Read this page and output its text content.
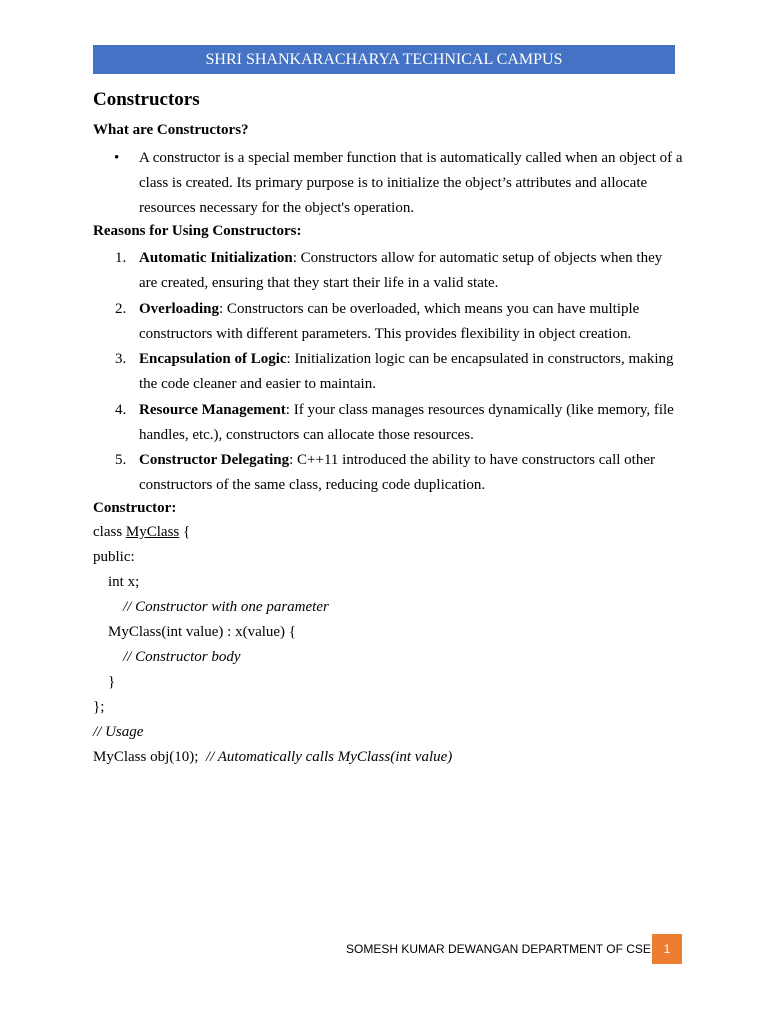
SHRI SHANKARACHARYA TECHNICAL CAMPUS
Constructors
What are Constructors?
• A constructor is a special member function that is automatically called when an object of a class is created. Its primary purpose is to initialize the object’s attributes and allocate resources necessary for the object's operation.
Reasons for Using Constructors:
1. Automatic Initialization: Constructors allow for automatic setup of objects when they are created, ensuring that they start their life in a valid state.
2. Overloading: Constructors can be overloaded, which means you can have multiple constructors with different parameters. This provides flexibility in object creation.
3. Encapsulation of Logic: Initialization logic can be encapsulated in constructors, making the code cleaner and easier to maintain.
4. Resource Management: If your class manages resources dynamically (like memory, file handles, etc.), constructors can allocate those resources.
5. Constructor Delegating: C++11 introduced the ability to have constructors call other constructors of the same class, reducing code duplication.
Constructor:
class MyClass {
public:
int x;
// Constructor with one parameter
MyClass(int value) : x(value) {
// Constructor body
}
};
// Usage
MyClass obj(10);  // Automatically calls MyClass(int value)
SOMESH KUMAR DEWANGAN DEPARTMENT OF CSE	1
